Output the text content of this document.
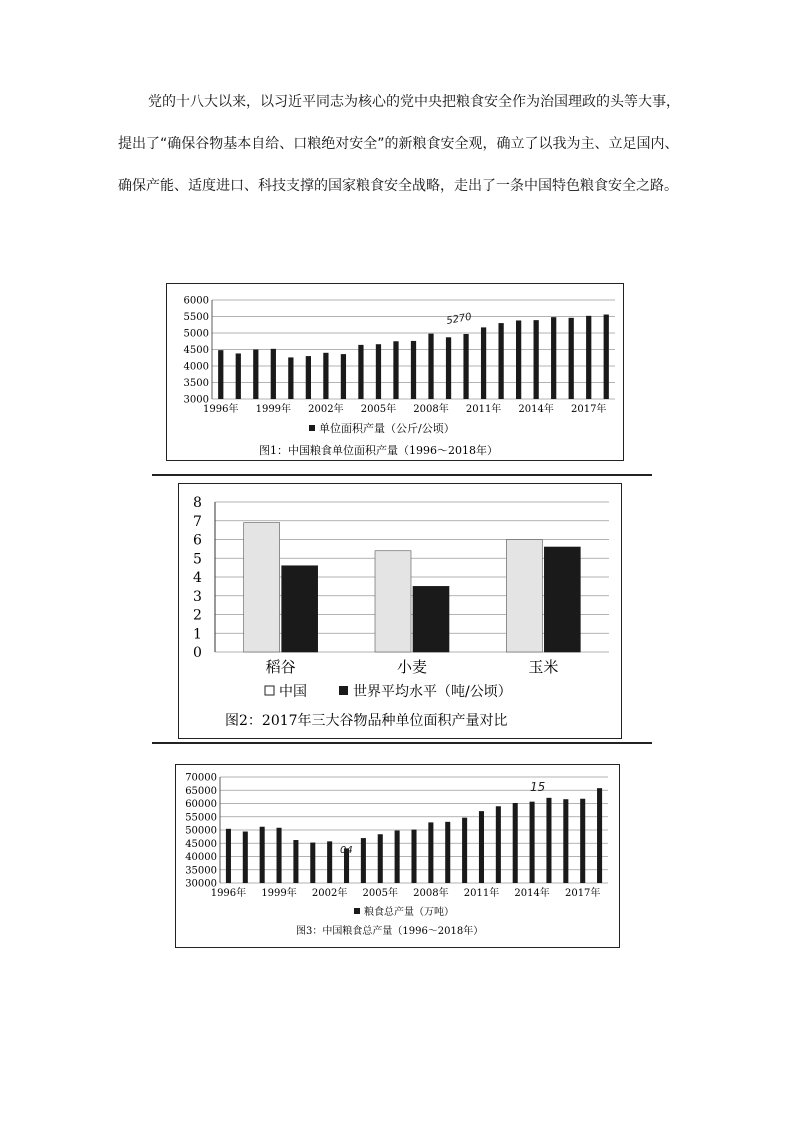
党的十八大以来，以习近平同志为核心的党中央把粮食安全作为治国理政的头等大事，
提出了“确保谷物基本自给、口粮绝对安全”的新粮食安全观，确立了以我为主、立足国内、
确保产能、适度进口、科技支撑的国家粮食安全战略，走出了一条中国特色粮食安全之路。
3000
3500
4000
4500
5000
5500
6000
1996年 1999年 2002年 2005年 2008年 2011年 2014年 2017年
单位面积产量（公斤/公顷）
图1：中国粮食单位面积产量（1996～2018年）
5270
0
1
2
3
4
5
6
7
8
稻谷	小麦	玉米
中国	世界平均水平（吨/公顷）
图2：2017年三大谷物品种单位面积产量对比
30000
35000
40000
45000
50000
55000
60000
65000
70000
1996年 1999年 2002年 2005年 2008年 2011年 2014年 2017年
粮食总产量（万吨）
图3：中国粮食总产量（1996～2018年）
04
15
